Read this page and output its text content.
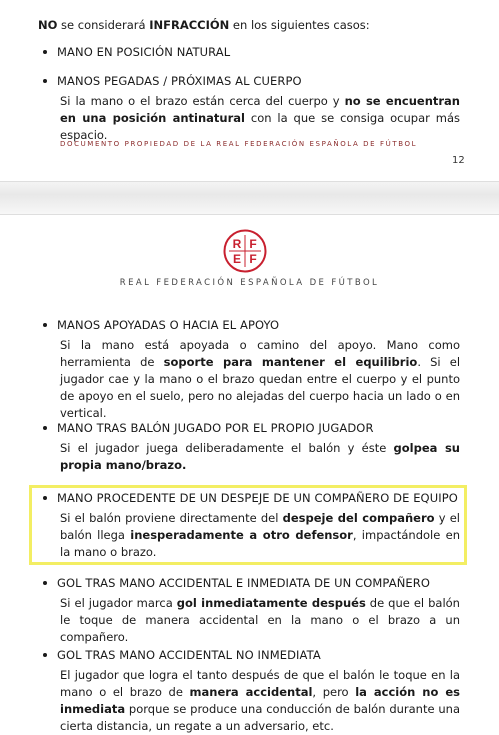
NO se considerará INFRACCIÓN en los siguientes casos:
MANO EN POSICIÓN NATURAL
MANOS PEGADAS / PRÓXIMAS AL CUERPO
Si la mano o el brazo están cerca del cuerpo y no se encuentran en una posición antinatural con la que se consiga ocupar más espacio.
DOCUMENTO PROPIEDAD DE LA REAL FEDERACIÓN ESPAÑOLA DE FÚTBOL
12
R F
E F
REAL FEDERACIÓN ESPAÑOLA DE FÚTBOL
MANOS APOYADAS O HACIA EL APOYO
Si la mano está apoyada o camino del apoyo. Mano como herramienta de soporte para mantener el equilibrio. Si el jugador cae y la mano o el brazo quedan entre el cuerpo y el punto de apoyo en el suelo, pero no alejadas del cuerpo hacia un lado o en vertical.
MANO TRAS BALÓN JUGADO POR EL PROPIO JUGADOR
Si el jugador juega deliberadamente el balón y éste golpea su propia mano/brazo.
MANO PROCEDENTE DE UN DESPEJE DE UN COMPAÑERO DE EQUIPO
Si el balón proviene directamente del despeje del compañero y el balón llega inesperadamente a otro defensor, impactándole en la mano o brazo.
GOL TRAS MANO ACCIDENTAL E INMEDIATA DE UN COMPAÑERO
Si el jugador marca gol inmediatamente después de que el balón le toque de manera accidental en la mano o el brazo a un compañero.
GOL TRAS MANO ACCIDENTAL NO INMEDIATA
El jugador que logra el tanto después de que el balón le toque en la mano o el brazo de manera accidental, pero la acción no es inmediata porque se produce una conducción de balón durante una cierta distancia, un regate a un adversario, etc.
